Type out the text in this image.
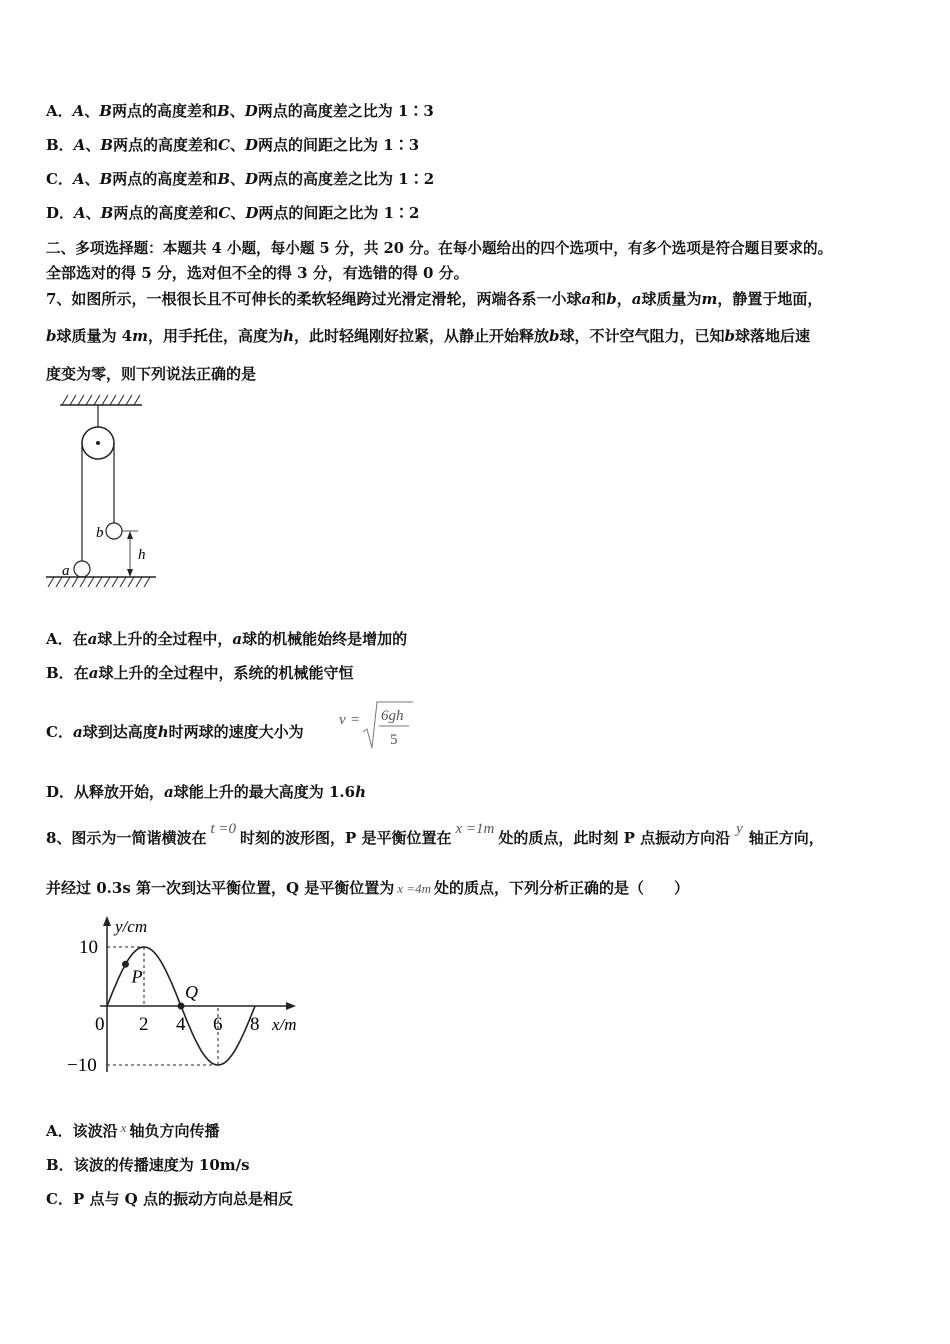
A．A、B两点的高度差和B、D两点的高度差之比为 1∶3
B．A、B两点的高度差和C、D两点的间距之比为 1∶3
C．A、B两点的高度差和B、D两点的高度差之比为 1∶2
D．A、B两点的高度差和C、D两点的间距之比为 1∶2
二、多项选择题：本题共 4 小题，每小题 5 分，共 20 分。在每小题给出的四个选项中，有多个选项是符合题目要求的。
全部选对的得 5 分，选对但不全的得 3 分，有选错的得 0 分。
7、如图所示，一根很长且不可伸长的柔软轻绳跨过光滑定滑轮，两端各系一小球a和b，a球质量为m，静置于地面，
b球质量为 4m，用手托住，高度为h，此时轻绳刚好拉紧，从静止开始释放b球，不计空气阻力，已知b球落地后速
度变为零，则下列说法正确的是
b
a
h
A．在a球上升的全过程中，a球的机械能始终是增加的
B．在a球上升的全过程中，系统的机械能守恒
C．a球到达高度h时两球的速度大小为
v = 6gh
5
D．从释放开始，a球能上升的最大高度为 1.6h
8、图示为一简谐横波在 t =0 时刻的波形图，P 是平衡位置在 x =1m 处的质点，此时刻 P 点振动方向沿 y 轴正方向，
并经过 0.3s 第一次到达平衡位置，Q 是平衡位置为 x =4m 处的质点，下列分析正确的是（　　）
y/cm
x/m
10
−10
0 2 4 6 8
P
Q
A．该波沿 x 轴负方向传播
B．该波的传播速度为 10m/s
C．P 点与 Q 点的振动方向总是相反
